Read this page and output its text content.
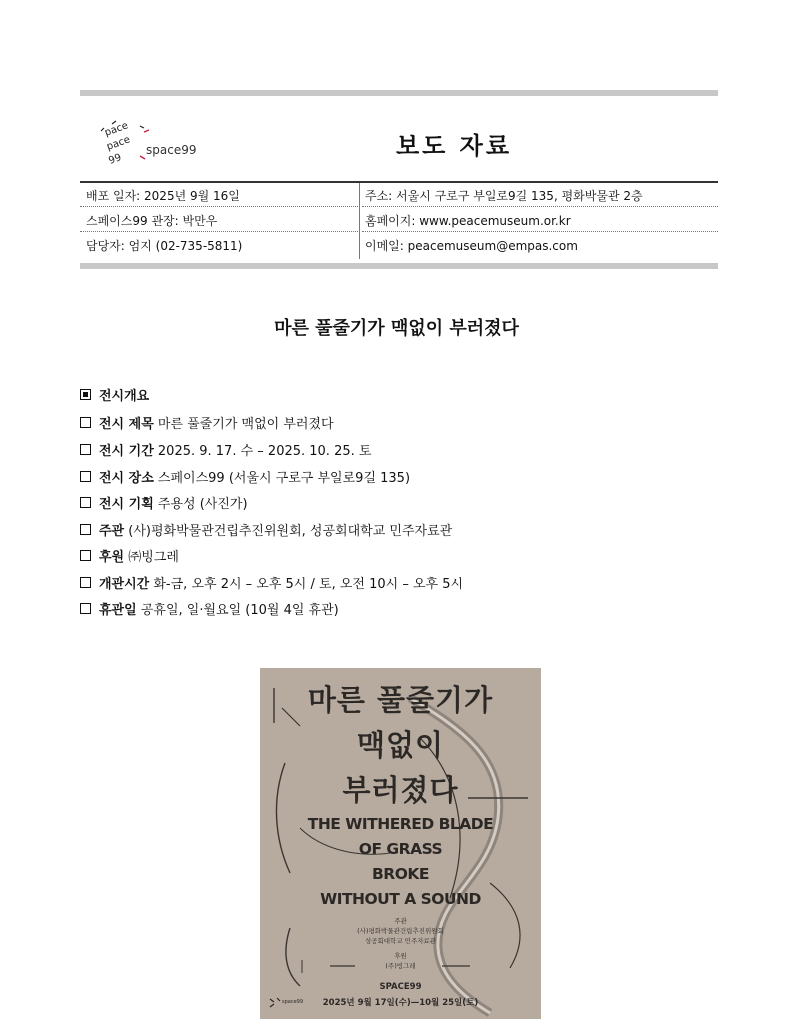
pace
pace
99
space99	보도 자료
배포 일자: 2025년 9월 16일	주소: 서울시 구로구 부일로9길 135, 평화박물관 2층
스페이스99 관장: 박만우	홈페이지: www.peacemuseum.or.kr
담당자: 엄지 (02-735-5811)	이메일: peacemuseum@empas.com
마른 풀줄기가 맥없이 부러졌다
전시개요
전시 제목 마른 풀줄기가 맥없이 부러졌다
전시 기간 2025. 9. 17. 수 – 2025. 10. 25. 토
전시 장소 스페이스99 (서울시 구로구 부일로9길 135)
전시 기획 주용성 (사진가)
주관 (사)평화박물관건립추진위원회, 성공회대학교 민주자료관
후원 ㈜빙그레
개관시간 화-금, 오후 2시 – 오후 5시 / 토, 오전 10시 – 오후 5시
휴관일 공휴일, 일·월요일 (10월 4일 휴관)
마른 풀줄기가
맥없이
부러졌다
THE WITHERED BLADE
OF GRASS
BROKE
WITHOUT A SOUND
주관
(사)평화박물관건립추진위원회
성공회대학교 민주자료관
후원
(주)빙그레
SPACE99
2025년 9월 17일(수)—10월 25일(토)
space99
